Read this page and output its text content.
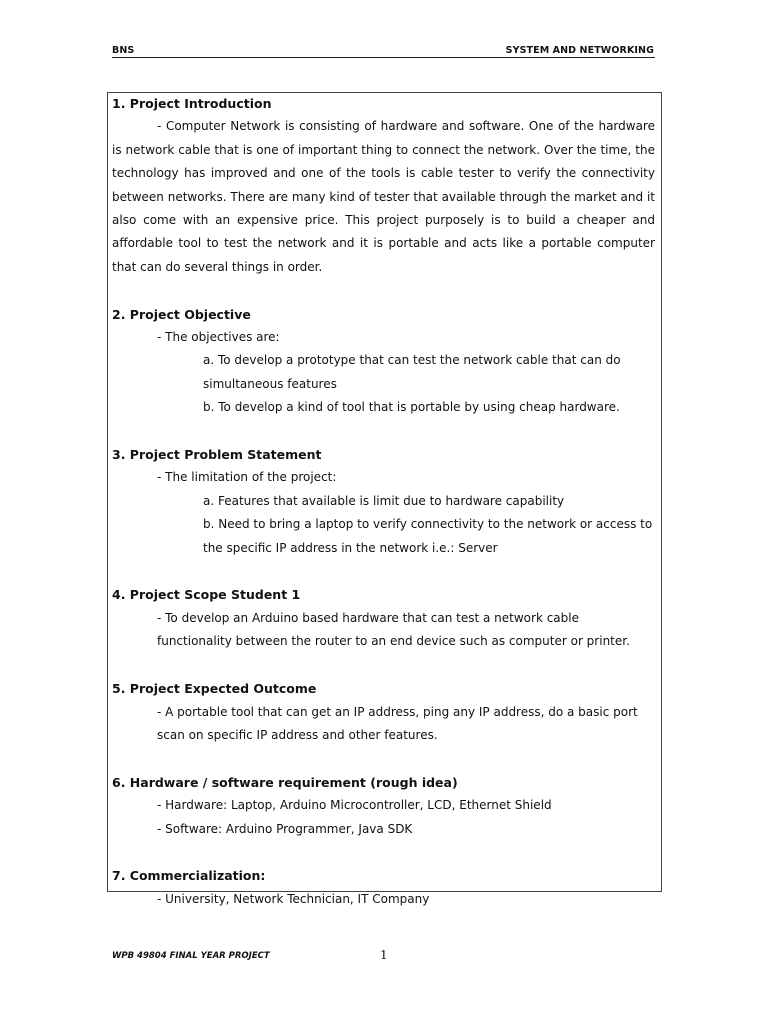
BNS	SYSTEM AND NETWORKING
1. Project Introduction
- Computer Network is consisting of hardware and software. One of the hardware is network cable that is one of important thing to connect the network. Over the time, the technology has improved and one of the tools is cable tester to verify the connectivity between networks. There are many kind of tester that available through the market and it also come with an expensive price. This project purposely is to build a cheaper and affordable tool to test the network and it is portable and acts like a portable computer that can do several things in order.
2. Project Objective
- The objectives are:
a. To develop a prototype that can test the network cable that can do simultaneous features
b. To develop a kind of tool that is portable by using cheap hardware.
3. Project Problem Statement
- The limitation of the project:
a. Features that available is limit due to hardware capability
b. Need to bring a laptop to verify connectivity to the network or access to the specific IP address in the network i.e.: Server
4. Project Scope Student 1
- To develop an Arduino based hardware that can test a network cable functionality between the router to an end device such as computer or printer.
5. Project Expected Outcome
- A portable tool that can get an IP address, ping any IP address, do a basic port scan on specific IP address and other features.
6. Hardware / software requirement (rough idea)
- Hardware: Laptop, Arduino Microcontroller, LCD, Ethernet Shield
- Software: Arduino Programmer, Java SDK
7. Commercialization:
- University, Network Technician, IT Company
WPB 49804 FINAL YEAR PROJECT	1
